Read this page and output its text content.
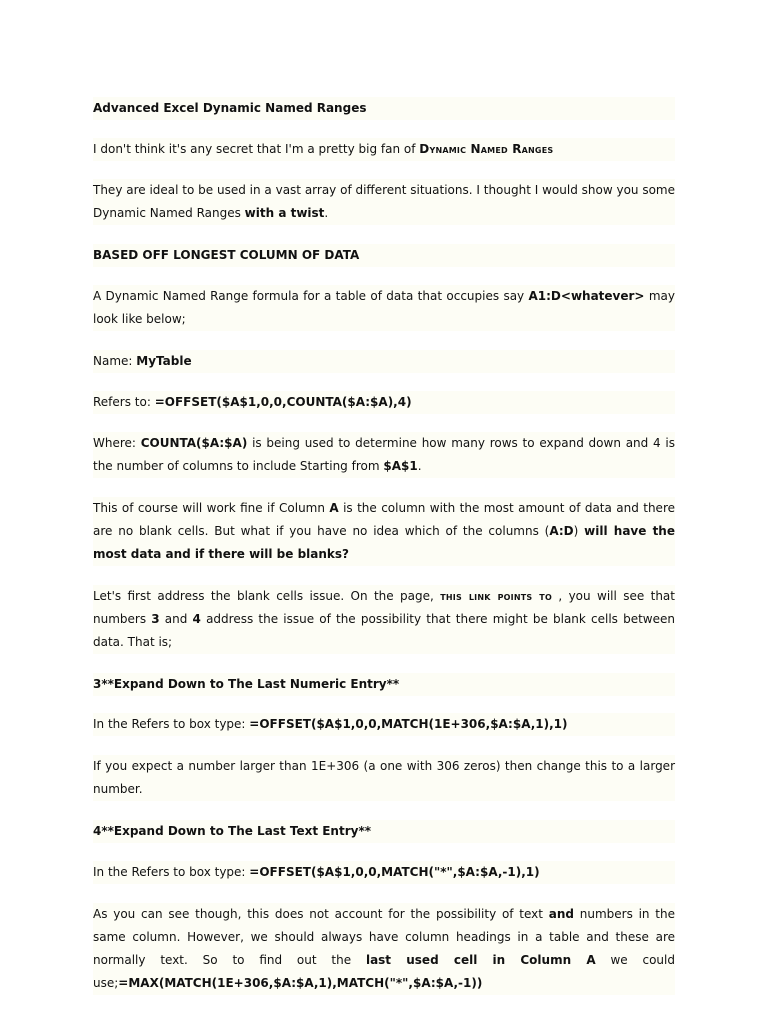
Advanced Excel Dynamic Named Ranges

I don't think it's any secret that I'm a pretty big fan of Dynamic Named Ranges

They are ideal to be used in a vast array of different situations. I thought I would show you some Dynamic Named Ranges with a twist.

BASED OFF LONGEST COLUMN OF DATA

A Dynamic Named Range formula for a table of data that occupies say A1:D<whatever> may look like below;

Name: MyTable

Refers to: =OFFSET($A$1,0,0,COUNTA($A:$A),4)

Where: COUNTA($A:$A) is being used to determine how many rows to expand down and 4 is the number of columns to include Starting from $A$1.

This of course will work fine if Column A is the column with the most amount of data and there are no blank cells. But what if you have no idea which of the columns (A:D) will have the most data and if there will be blanks?

Let's first address the blank cells issue. On the page, this link points to , you will see that numbers 3 and 4 address the issue of the possibility that there might be blank cells between data. That is;

3**Expand Down to The Last Numeric Entry**

In the Refers to box type: =OFFSET($A$1,0,0,MATCH(1E+306,$A:$A,1),1)

If you expect a number larger than 1E+306 (a one with 306 zeros) then change this to a larger number.

4**Expand Down to The Last Text Entry**

In the Refers to box type: =OFFSET($A$1,0,0,MATCH("*",$A:$A,-1),1)

As you can see though, this does not account for the possibility of text and numbers in the same column. However, we should always have column headings in a table and these are normally text. So to find out the last used cell in Column A we could use;=MAX(MATCH(1E+306,$A:$A,1),MATCH("*",$A:$A,-1))
